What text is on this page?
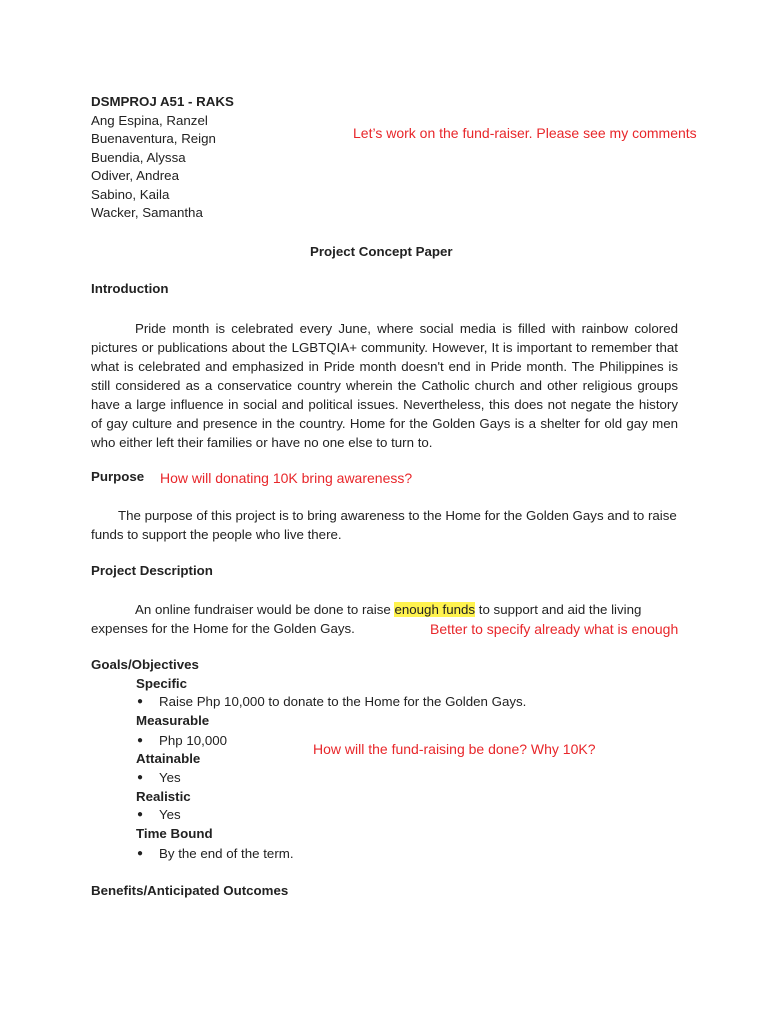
DSMPROJ A51 - RAKS
Ang Espina, Ranzel
Buenaventura, Reign
Buendia, Alyssa
Odiver, Andrea
Sabino, Kaila
Wacker, Samantha
Let’s work on the fund-raiser. Please see my comments
Project Concept Paper
Introduction
Pride month is celebrated every June, where social media is filled with rainbow colored pictures or publications about the LGBTQIA+ community. However, It is important to remember that what is celebrated and emphasized in Pride month doesn't end in Pride month. The Philippines is still considered as a conservatice country wherein the Catholic church and other religious groups have a large influence in social and political issues. Nevertheless, this does not negate the history of gay culture and presence in the country. Home for the Golden Gays is a shelter for old gay men who either left their families or have no one else to turn to.
Purpose How will donating 10K bring awareness?
The purpose of this project is to bring awareness to the Home for the Golden Gays and to raise funds to support the people who live there.
Project Description
An online fundraiser would be done to raise enough funds to support and aid the living expenses for the Home for the Golden Gays.	Better to specify already what is enough
Goals/Objectives
Specific
● Raise Php 10,000 to donate to the Home for the Golden Gays.
Measurable
● Php 10,000
How will the fund-raising be done? Why 10K?
Attainable
● Yes
Realistic
● Yes
Time Bound
● By the end of the term.
Benefits/Anticipated Outcomes
